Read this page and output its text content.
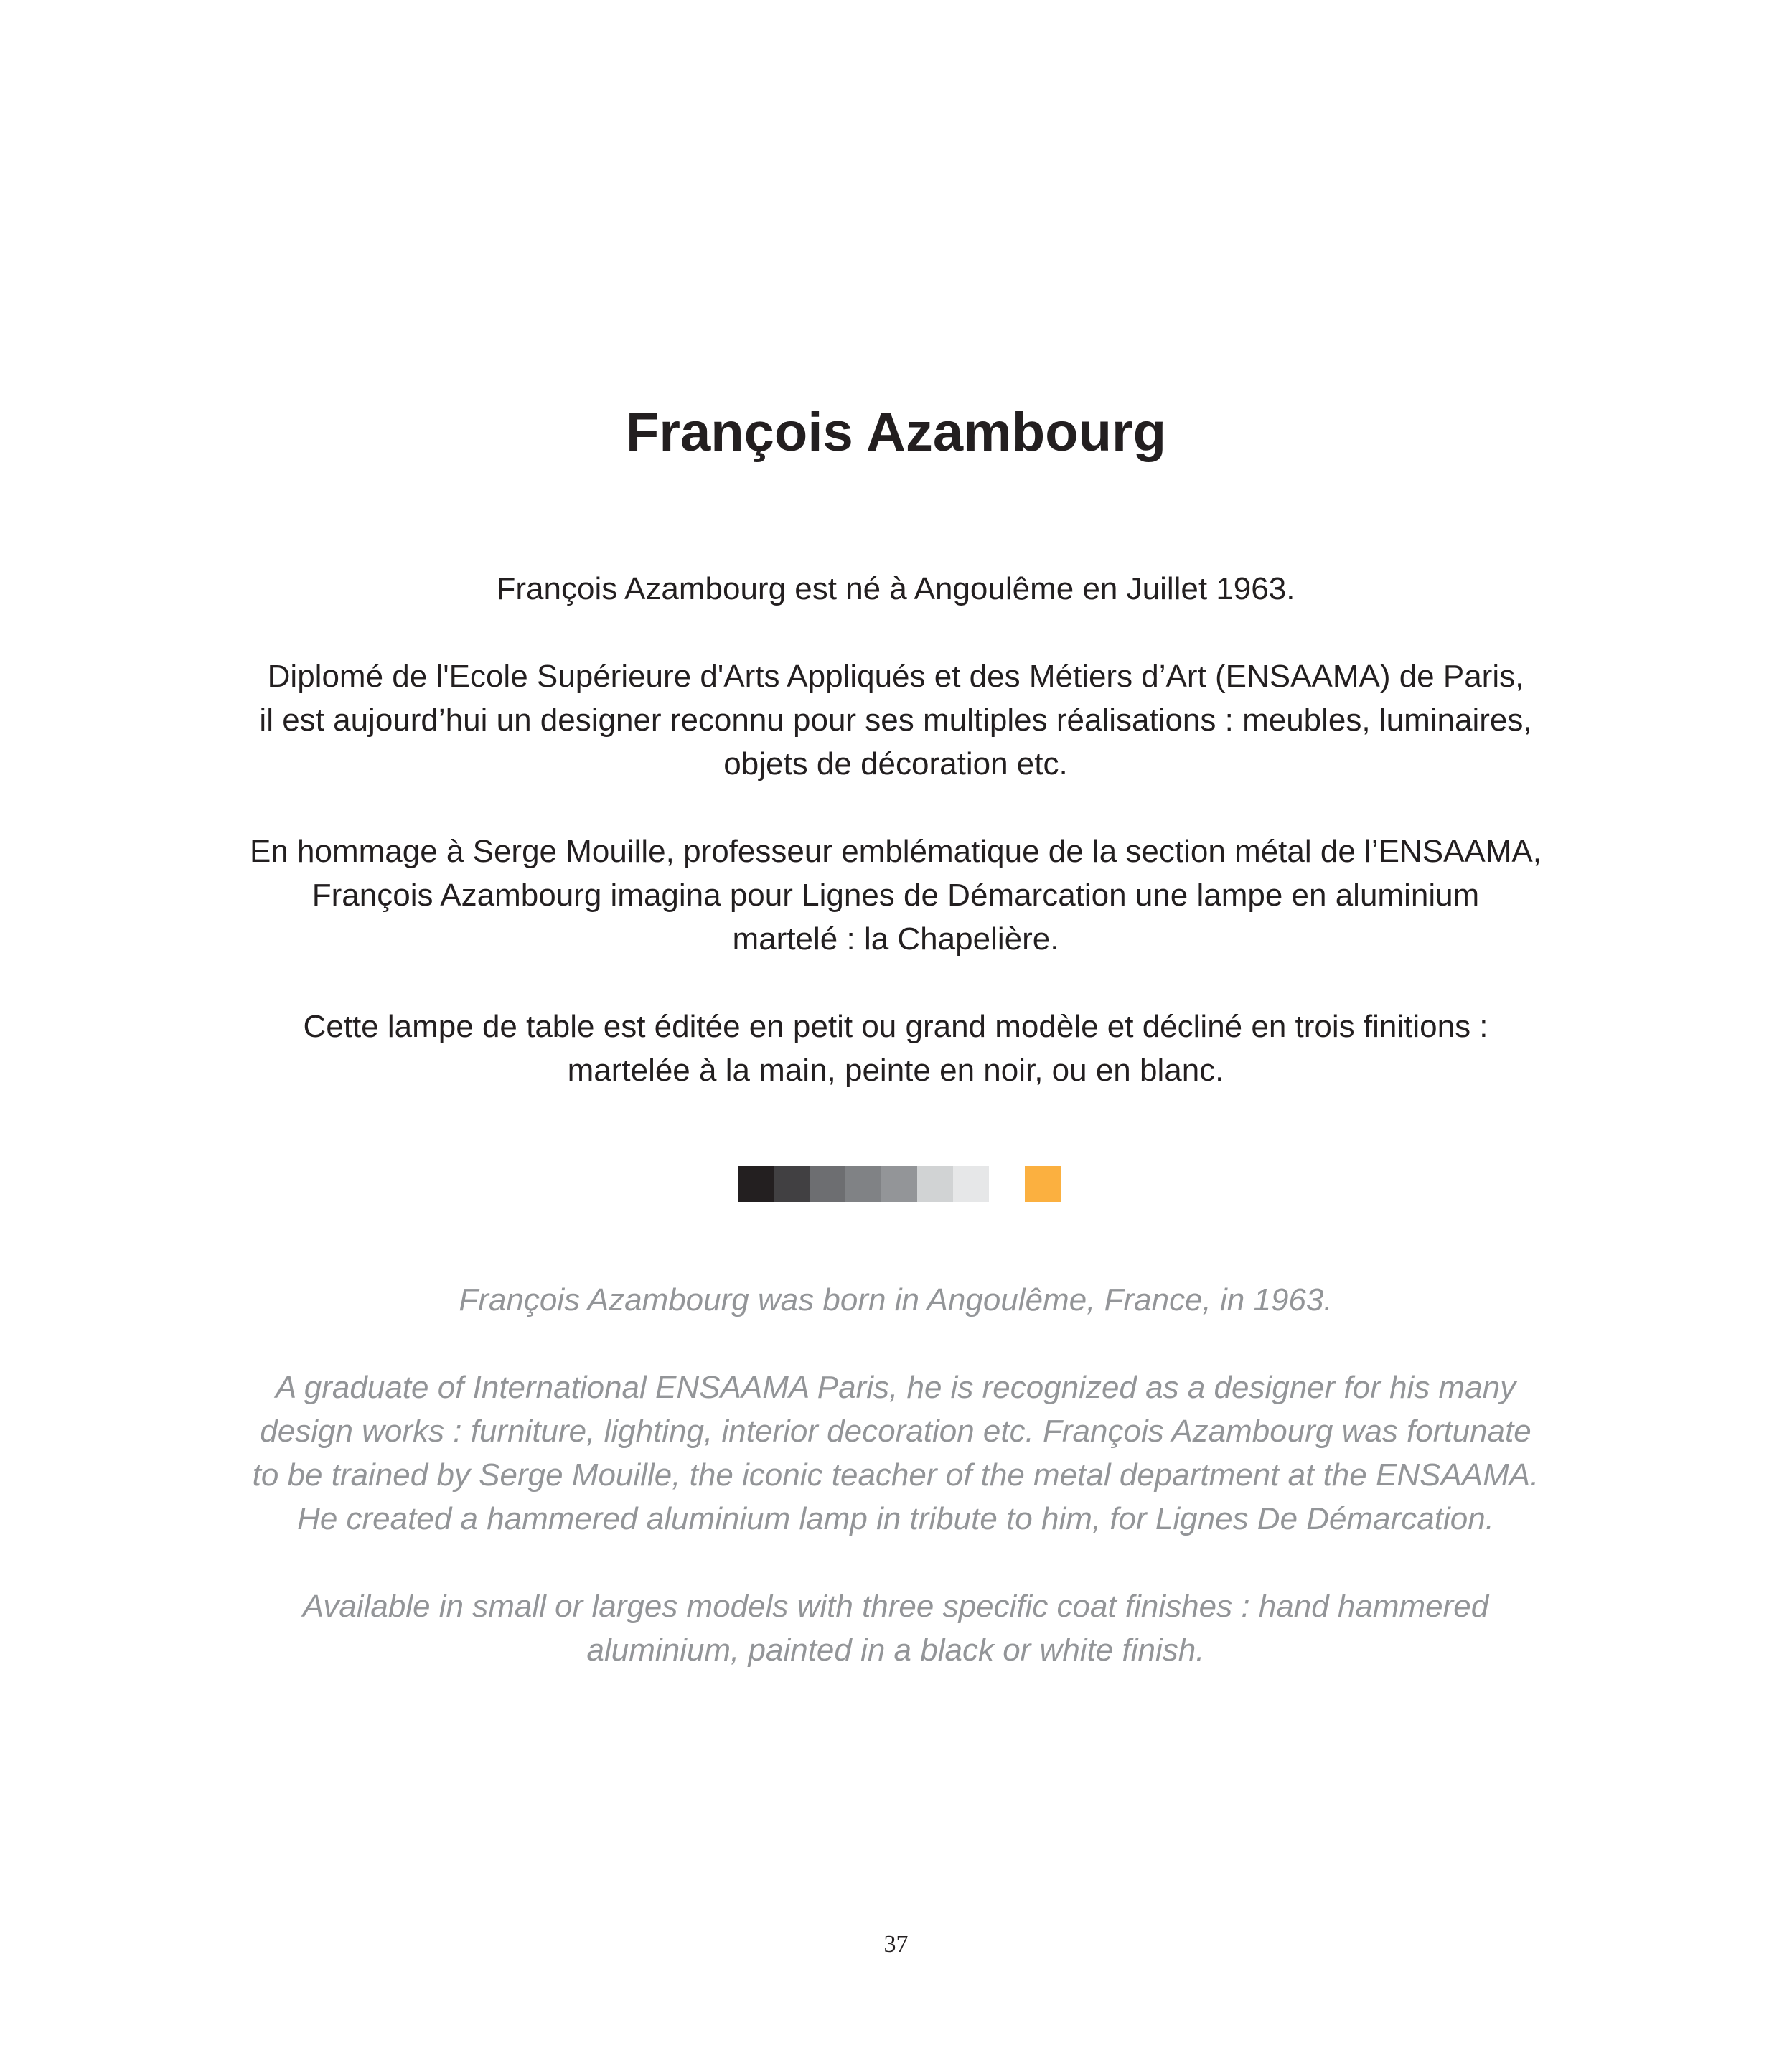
François Azambourg

François Azambourg est né à Angoulême en Juillet 1963.

Diplomé de l'Ecole Supérieure d'Arts Appliqués et des Métiers d’Art (ENSAAMA) de Paris,
il est aujourd’hui un designer reconnu pour ses multiples réalisations : meubles, luminaires,
objets de décoration etc.

En hommage à Serge Mouille, professeur emblématique de la section métal de l’ENSAAMA,
François Azambourg imagina pour Lignes de Démarcation une lampe en aluminium
martelé : la Chapelière.

Cette lampe de table est éditée en petit ou grand modèle et décliné en trois finitions :
martelée à la main, peinte en noir, ou en blanc.

François Azambourg was born in Angoulême, France, in 1963.

A graduate of International ENSAAMA Paris, he is recognized as a designer for his many
design works : furniture, lighting, interior decoration etc. François Azambourg was fortunate
to be trained by Serge Mouille, the iconic teacher of the metal department at the ENSAAMA.
He created a hammered aluminium lamp in tribute to him, for Lignes De Démarcation.

Available in small or larges models with three specific coat finishes : hand hammered
aluminium, painted in a black or white finish.

37
